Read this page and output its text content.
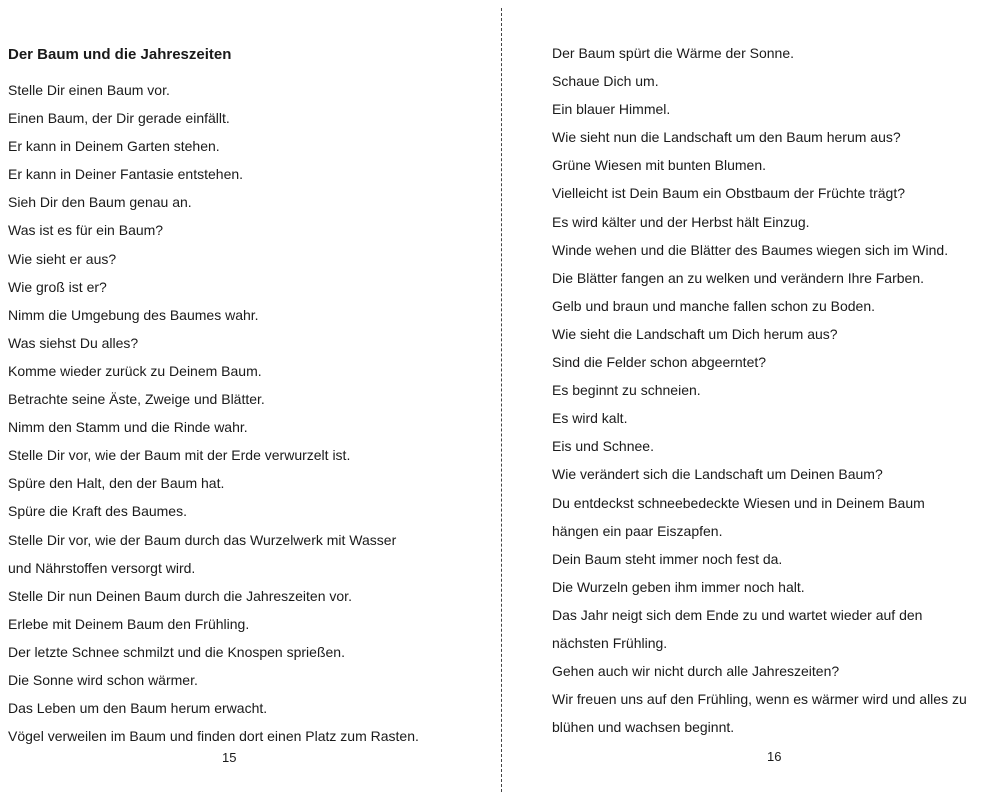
Der Baum und die Jahreszeiten
Stelle Dir einen Baum vor.
Einen Baum, der Dir gerade einfällt.
Er kann in Deinem Garten stehen.
Er kann in Deiner Fantasie entstehen.
Sieh Dir den Baum genau an.
Was ist es für ein Baum?
Wie sieht er aus?
Wie groß ist er?
Nimm die Umgebung des Baumes wahr.
Was siehst Du alles?
Komme wieder zurück zu Deinem Baum.
Betrachte seine Äste, Zweige und Blätter.
Nimm den Stamm und die Rinde wahr.
Stelle Dir vor, wie der Baum mit der Erde verwurzelt ist.
Spüre den Halt, den der Baum hat.
Spüre die Kraft des Baumes.
Stelle Dir vor, wie der Baum durch das Wurzelwerk mit Wasser
und Nährstoffen versorgt wird.
Stelle Dir nun Deinen Baum durch die Jahreszeiten vor.
Erlebe mit Deinem Baum den Frühling.
Der letzte Schnee schmilzt und die Knospen sprießen.
Die Sonne wird schon wärmer.
Das Leben um den Baum herum erwacht.
Vögel verweilen im Baum und finden dort einen Platz zum Rasten.
15
Der Baum spürt die Wärme der Sonne.
Schaue Dich um.
Ein blauer Himmel.
Wie sieht nun die Landschaft um den Baum herum aus?
Grüne Wiesen mit bunten Blumen.
Vielleicht ist Dein Baum ein Obstbaum der Früchte trägt?
Es wird kälter und der Herbst hält Einzug.
Winde wehen und die Blätter des Baumes wiegen sich im Wind.
Die Blätter fangen an zu welken und verändern Ihre Farben.
Gelb und braun und manche fallen schon zu Boden.
Wie sieht die Landschaft um Dich herum aus?
Sind die Felder schon abgeerntet?
Es beginnt zu schneien.
Es wird kalt.
Eis und Schnee.
Wie verändert sich die Landschaft um Deinen Baum?
Du entdeckst schneebedeckte Wiesen und in Deinem Baum
hängen ein paar Eiszapfen.
Dein Baum steht immer noch fest da.
Die Wurzeln geben ihm immer noch halt.
Das Jahr neigt sich dem Ende zu und wartet wieder auf den
nächsten Frühling.
Gehen auch wir nicht durch alle Jahreszeiten?
Wir freuen uns auf den Frühling, wenn es wärmer wird und alles zu
blühen und wachsen beginnt.
16
